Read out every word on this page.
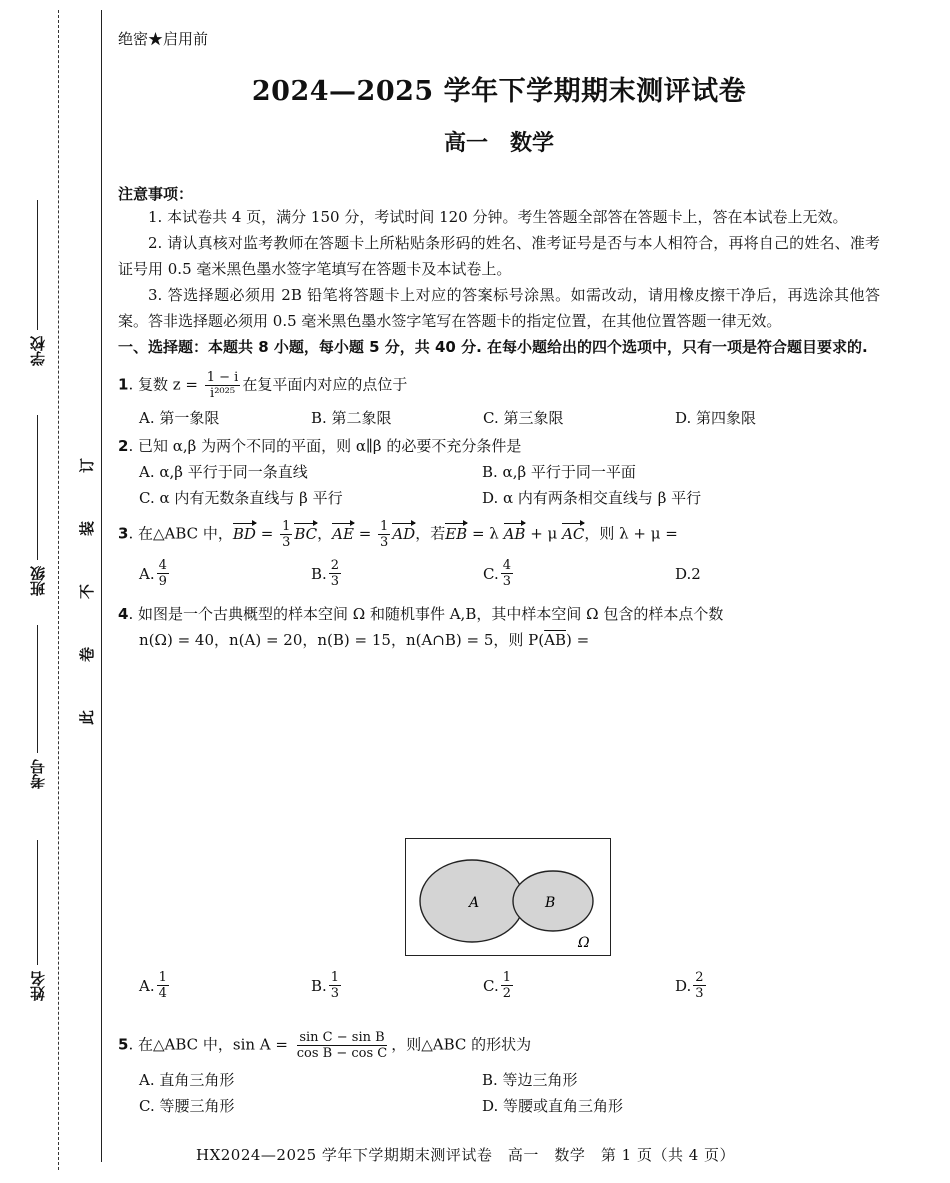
学校
班级
考号
姓名
订
装
不
卷
此
绝密★启用前
2024—2025 学年下学期期末测评试卷
高一　数学
注意事项：
1. 本试卷共 4 页，满分 150 分，考试时间 120 分钟。考生答题全部答在答题卡上，答在本试卷上无效。
2. 请认真核对监考教师在答题卡上所粘贴条形码的姓名、准考证号是否与本人相符合，再将自己的姓名、准考证号用 0.5 毫米黑色墨水签字笔填写在答题卡及本试卷上。
3. 答选择题必须用 2B 铅笔将答题卡上对应的答案标号涂黑。如需改动，请用橡皮擦干净后，再选涂其他答案。答非选择题必须用 0.5 毫米黑色墨水签字笔写在答题卡的指定位置，在其他位置答题一律无效。
一、选择题：本题共 8 小题，每小题 5 分，共 40 分. 在每小题给出的四个选项中，只有一项是符合题目要求的.
1. 复数 $z = \frac{1 - i}{\text{i²⁰²⁵}}$ 在复平面内对应的点位于
A. 第一象限	B. 第二象限	C. 第三象限	D. 第四象限
2. 已知 α,β 为两个不同的平面，则 α∥β 的必要不充分条件是
A. α,β 平行于同一条直线	B. α,β 平行于同一平面
C. α 内有无数条直线与 β 平行	D. α 内有两条相交直线与 β 平行
3. 在△ABC 中，BD = $\frac{1}{3}$ BC，AE = $\frac{1}{3}$ AD，若EB = λ AB + μ AC，则 λ + μ =
A. $\frac{4}{9}$	B. $\frac{2}{3}$	C. $\frac{4}{3}$	D. 2
4. 如图是一个古典概型的样本空间 Ω 和随机事件 A,B，其中样本空间 Ω 包含的样本点个数
n(Ω) = 40，n(A) = 20，n(B) = 15，n(A∩B) = 5，则 $P(\overline{A}\overline{B})$ =
A. $\frac{1}{4}$	B. $\frac{1}{3}$	C. $\frac{1}{2}$	D. $\frac{2}{3}$
5. 在△ABC 中，$\sin A = \frac{\text{sin C − sin B}}{\text{cos B − cos C}}$ ，则△ABC 的形状为
A. 直角三角形	B. 等边三角形
C. 等腰三角形	D. 等腰或直角三角形
A	B
Ω
HX2024—2025 学年下学期期末测评试卷　高一　数学　第 1 页（共 4 页）
